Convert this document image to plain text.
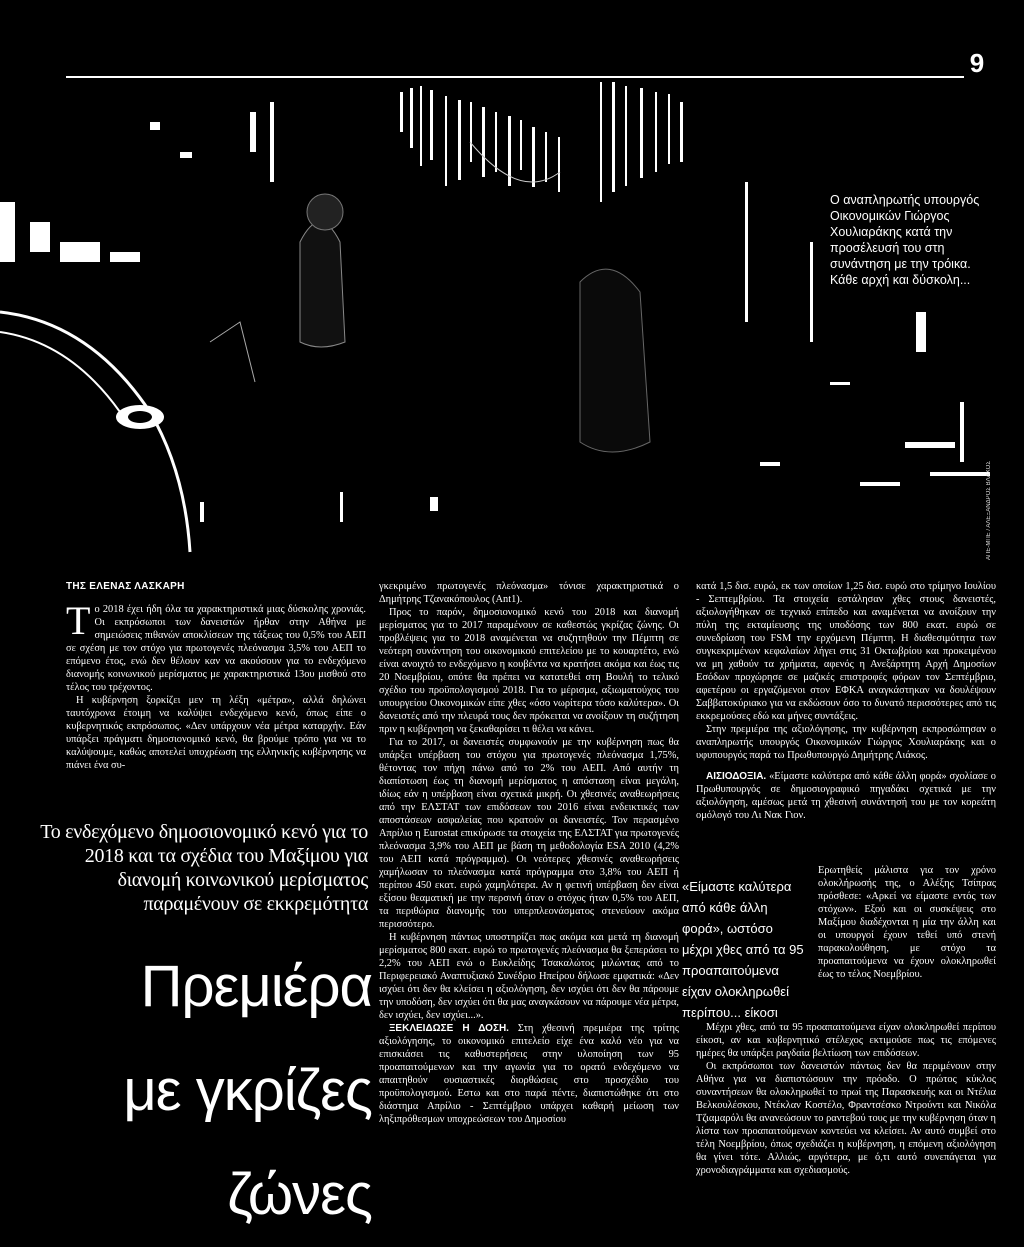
9
Ο αναπληρωτής υπουργός Οικονομικών Γιώργος Χουλιαράκης κατά την προσέλευσή του στη συνάντηση με την τρόικα. Κάθε αρχή και δύσκολη...
ΑΠΕ-ΜΠΕ / ΑΛΕΞΑΝΔΡΟΣ ΒΛΑΧΟΣ
ΤΗΣ ΕΛΕΝΑΣ ΛΑΣΚΑΡΗ

Το 2018 έχει ήδη όλα τα χαρακτηριστικά μιας δύσκολης χρονιάς. Οι εκπρόσωποι των δανειστών ήρθαν στην Αθήνα με σημειώσεις πιθανών αποκλίσεων της τάξεως του 0,5% του ΑΕΠ σε σχέση με τον στόχο για πρωτογενές πλεόνασμα 3,5% του ΑΕΠ το επόμενο έτος, ενώ δεν θέλουν καν να ακούσουν για το ενδεχόμενο διανομής κοινωνικού μερίσματος με χαρακτηριστικά 13ου μισθού στο τέλος του τρέχοντος.

Η κυβέρνηση ξορκίζει μεν τη λέξη «μέτρα», αλλά δηλώνει ταυτόχρονα έτοιμη να καλύψει ενδεχόμενο κενό, όπως είπε ο κυβερνητικός εκπρόσωπος. «Δεν υπάρχουν νέα μέτρα καταρχήν. Εάν υπάρξει πράγματι δημοσιονομικό κενό, θα βρούμε τρόπο για να το καλύψουμε, καθώς αποτελεί υποχρέωση της ελληνικής κυβέρνησης να πιάνει ένα συ-

Το ενδεχόμενο δημοσιονομικό κενό για το 2018 και τα σχέδια του Μαξίμου για διανομή κοινωνικού μερίσματος παραμένουν σε εκκρεμότητα
Πρεμιέρα
με γκρίζες
ζώνες

γκεκριμένο πρωτογενές πλεόνασμα» τόνισε χαρακτηριστικά ο Δημήτρης Τζανακόπουλος (Ant1).

Προς το παρόν, δημοσιονομικό κενό του 2018 και διανομή μερίσματος για το 2017 παραμένουν σε καθεστώς γκρίζας ζώνης. Οι προβλέψεις για το 2018 αναμένεται να συζητηθούν την Πέμπτη σε νεότερη συνάντηση του οικονομικού επιτελείου με το κουαρτέτο, ενώ είναι ανοιχτό το ενδεχόμενο η κουβέντα να κρατήσει ακόμα και έως τις 20 Νοεμβρίου, οπότε θα πρέπει να κατατεθεί στη Βουλή το τελικό σχέδιο του προϋπολογισμού 2018. Για το μέρισμα, αξιωματούχος του υπουργείου Οικονομικών είπε χθες «όσο νωρίτερα τόσο καλύτερα». Οι δανειστές από την πλευρά τους δεν πρόκειται να ανοίξουν τη συζήτηση πριν η κυβέρνηση να ξεκαθαρίσει τι θέλει να κάνει.

Για το 2017, οι δανειστές συμφωνούν με την κυβέρνηση πως θα υπάρξει υπέρβαση του στόχου για πρωτογενές πλεόνασμα 1,75%, θέτοντας τον πήχη πάνω από το 2% του ΑΕΠ. Από αυτήν τη διαπίστωση έως τη διανομή μερίσματος η απόσταση είναι μεγάλη, ιδίως εάν η υπέρβαση είναι σχετικά μικρή. Οι χθεσινές αναθεωρήσεις από την ΕΛΣΤΑΤ των επιδόσεων του 2016 είναι ενδεικτικές των αποστάσεων ασφαλείας που κρατούν οι δανειστές. Τον περασμένο Απρίλιο η Eurostat επικύρωσε τα στοιχεία της ΕΛΣΤΑΤ για πρωτογενές πλεόνασμα 3,9% του ΑΕΠ με βάση τη μεθοδολογία ESA 2010 (4,2% του ΑΕΠ κατά πρόγραμμα). Οι νεότερες χθεσινές αναθεωρήσεις χαμήλωσαν το πλεόνασμα κατά πρόγραμμα στο 3,8% του ΑΕΠ ή περίπου 450 εκατ. ευρώ χαμηλότερα. Αν η φετινή υπέρβαση δεν είναι εξίσου θεαματική με την περσινή όταν ο στόχος ήταν 0,5% του ΑΕΠ, τα περιθώρια διανομής του υπερπλεονάσματος στενεύουν ακόμα περισσότερο.

Η κυβέρνηση πάντως υποστηρίζει πως ακόμα και μετά τη διανομή μερίσματος 800 εκατ. ευρώ το πρωτογενές πλεόνασμα θα ξεπεράσει το 2,2% του ΑΕΠ ενώ ο Ευκλείδης Τσακαλώτος μιλώντας από το Περιφερειακό Αναπτυξιακό Συνέδριο Ηπείρου δήλωσε εμφατικά: «Δεν ισχύει ότι δεν θα κλείσει η αξιολόγηση, δεν ισχύει ότι δεν θα πάρουμε την υποδόση, δεν ισχύει ότι θα μας αναγκάσουν να πάρουμε νέα μέτρα, δεν ισχύει, δεν ισχύει...».

ΞΕΚΛΕΙΔΩΣΕ Η ΔΟΣΗ. Στη χθεσινή πρεμιέρα της τρίτης αξιολόγησης, το οικονομικό επιτελείο είχε ένα καλό νέο για να επισκιάσει τις καθυστερήσεις στην υλοποίηση των 95 προαπαιτούμενων και την αγωνία για το ορατό ενδεχόμενο να απαιτηθούν ουσιαστικές διορθώσεις στο προσχέδιο του προϋπολογισμού. Εστω και στο παρά πέντε, διαπιστώθηκε ότι στο διάστημα Απρίλιο - Σεπτέμβριο υπάρχει καθαρή μείωση των ληξιπρόθεσμων υποχρεώσεων του Δημοσίου

κατά 1,5 δισ. ευρώ, εκ των οποίων 1,25 δισ. ευρώ στο τρίμηνο Ιουλίου - Σεπτεμβρίου. Τα στοιχεία εστάλησαν χθες στους δανειστές, αξιολογήθηκαν σε τεχνικό επίπεδο και αναμένεται να ανοίξουν την πύλη της εκταμίευσης της υποδόσης των 800 εκατ. ευρώ σε συνεδρίαση του FSM την ερχόμενη Πέμπτη. Η διαθεσιμότητα των συγκεκριμένων κεφαλαίων λήγει στις 31 Οκτωβρίου και προκειμένου να μη χαθούν τα χρήματα, αφενός η Ανεξάρτητη Αρχή Δημοσίων Εσόδων προχώρησε σε μαζικές επιστροφές φόρων τον Σεπτέμβριο, αφετέρου οι εργαζόμενοι στον ΕΦΚΑ αναγκάστηκαν να δουλέψουν Σαββατοκύριακο για να εκδώσουν όσο το δυνατό περισσότερες από τις εκκρεμούσες εδώ και μήνες συντάξεις.

Στην πρεμιέρα της αξιολόγησης, την κυβέρνηση εκπροσώπησαν ο αναπληρωτής υπουργός Οικονομικών Γιώργος Χουλιαράκης και ο υφυπουργός παρά τω Πρωθυπουργώ Δημήτρης Λιάκος.

ΑΙΣΙΟΔΟΞΙΑ. «Είμαστε καλύτερα από κάθε άλλη φορά» σχολίασε ο Πρωθυπουργός σε δημοσιογραφικό πηγαδάκι σχετικά με την αξιολόγηση, αμέσως μετά τη χθεσινή συνάντησή του με τον κορεάτη ομόλογό του Λι Νακ Γιον.

«Είμαστε καλύτερα από κάθε άλλη φορά», ωστόσο μέχρι χθες από τα 95 προαπαιτούμενα είχαν ολοκληρωθεί περίπου... είκοσι
Ερωτηθείς μάλιστα για τον χρόνο ολοκλήρωσής της, ο Αλέξης Τσίπρας πρόσθεσε: «Αρκεί να είμαστε εντός των στόχων». Εξού και οι συσκέψεις στο Μαξίμου διαδέχονται η μία την άλλη και οι υπουργοί έχουν τεθεί υπό στενή παρακολούθηση, με στόχο τα προαπαιτούμενα να έχουν ολοκληρωθεί έως το τέλος Νοεμβρίου.

Μέχρι χθες, από τα 95 προαπαιτούμενα είχαν ολοκληρωθεί περίπου είκοσι, αν και κυβερνητικό στέλεχος εκτιμούσε πως τις επόμενες ημέρες θα υπάρξει ραγδαία βελτίωση των επιδόσεων.

Οι εκπρόσωποι των δανειστών πάντως δεν θα περιμένουν στην Αθήνα για να διαπιστώσουν την πρόοδο. Ο πρώτος κύκλος συναντήσεων θα ολοκληρωθεί το πρωί της Παρασκευής και οι Ντέλια Βελκουλέσκου, Ντέκλαν Κοστέλο, Φραντσέσκο Ντρούντι και Νικόλα Τζιαμαρόλι θα ανανεώσουν το ραντεβού τους με την κυβέρνηση όταν η λίστα των προαπαιτούμενων κοντεύει να κλείσει. Αν αυτό συμβεί στο τέλη Νοεμβρίου, όπως σχεδιάζει η κυβέρνηση, η επόμενη αξιολόγηση θα γίνει τότε. Αλλιώς, αργότερα, με ό,τι αυτό συνεπάγεται για χρονοδιαγράμματα και σχεδιασμούς.
